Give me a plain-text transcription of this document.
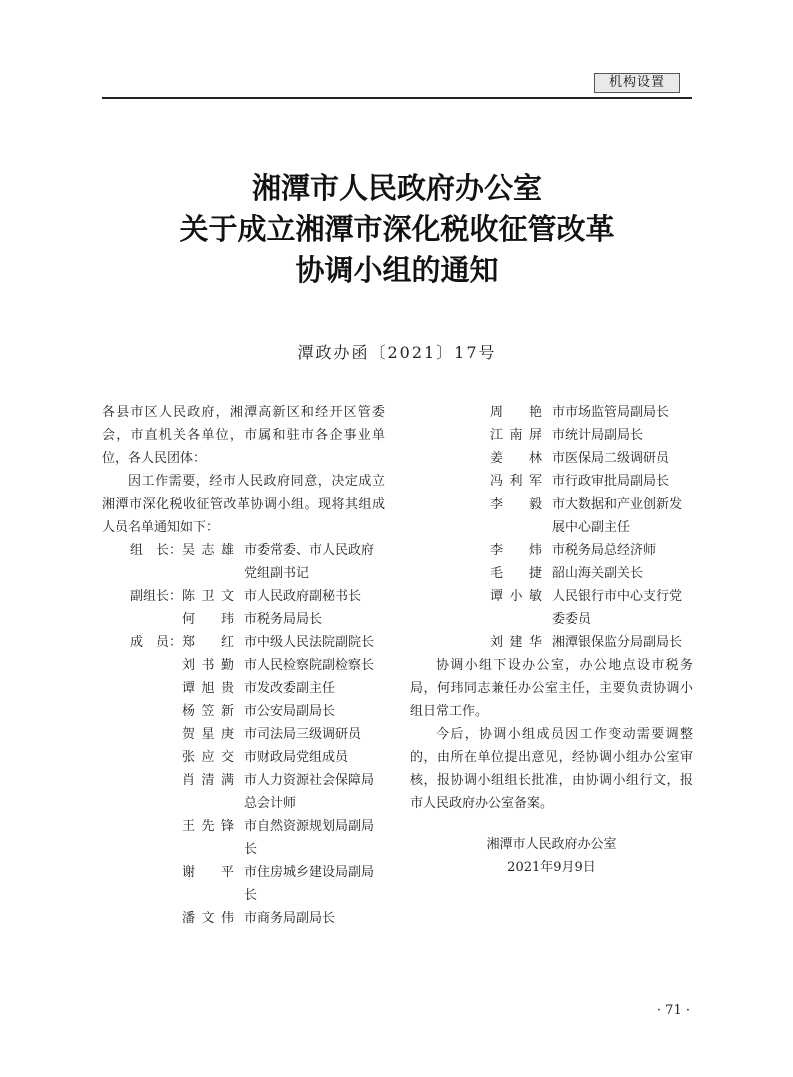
机构设置
湘潭市人民政府办公室
关于成立湘潭市深化税收征管改革
协调小组的通知
潭政办函〔2021〕17号

各县市区人民政府，湘潭高新区和经开区管委会，市直机关各单位，市属和驻市各企事业单位，各人民团体：

因工作需要，经市人民政府同意，决定成立湘潭市深化税收征管改革协调小组。现将其组成人员名单通知如下：

组　长： 吴志雄 市委常委、市人民政府党组副书记
副组长： 陈卫文 市人民政府副秘书长
何　玮 市税务局局长
成　员： 郑　红 市中级人民法院副院长
刘书勤 市人民检察院副检察长
谭旭贵 市发改委副主任
杨笠新 市公安局副局长
贺星庚 市司法局三级调研员
张应交 市财政局党组成员
肖清满 市人力资源社会保障局总会计师
王先锋 市自然资源规划局副局长
谢　平 市住房城乡建设局副局长
潘文伟 市商务局副局长
周　艳 市市场监管局副局长
江南屏 市统计局副局长
姜　林 市医保局二级调研员
冯利军 市行政审批局副局长
李　毅 市大数据和产业创新发展中心副主任
李　炜 市税务局总经济师
毛　捷 韶山海关副关长
谭小敏 人民银行市中心支行党委委员
刘建华 湘潭银保监分局副局长

协调小组下设办公室，办公地点设市税务局，何玮同志兼任办公室主任，主要负责协调小组日常工作。

今后，协调小组成员因工作变动需要调整的，由所在单位提出意见，经协调小组办公室审核，报协调小组组长批准，由协调小组行文，报市人民政府办公室备案。

湘潭市人民政府办公室
2021年9月9日
· 71 ·
